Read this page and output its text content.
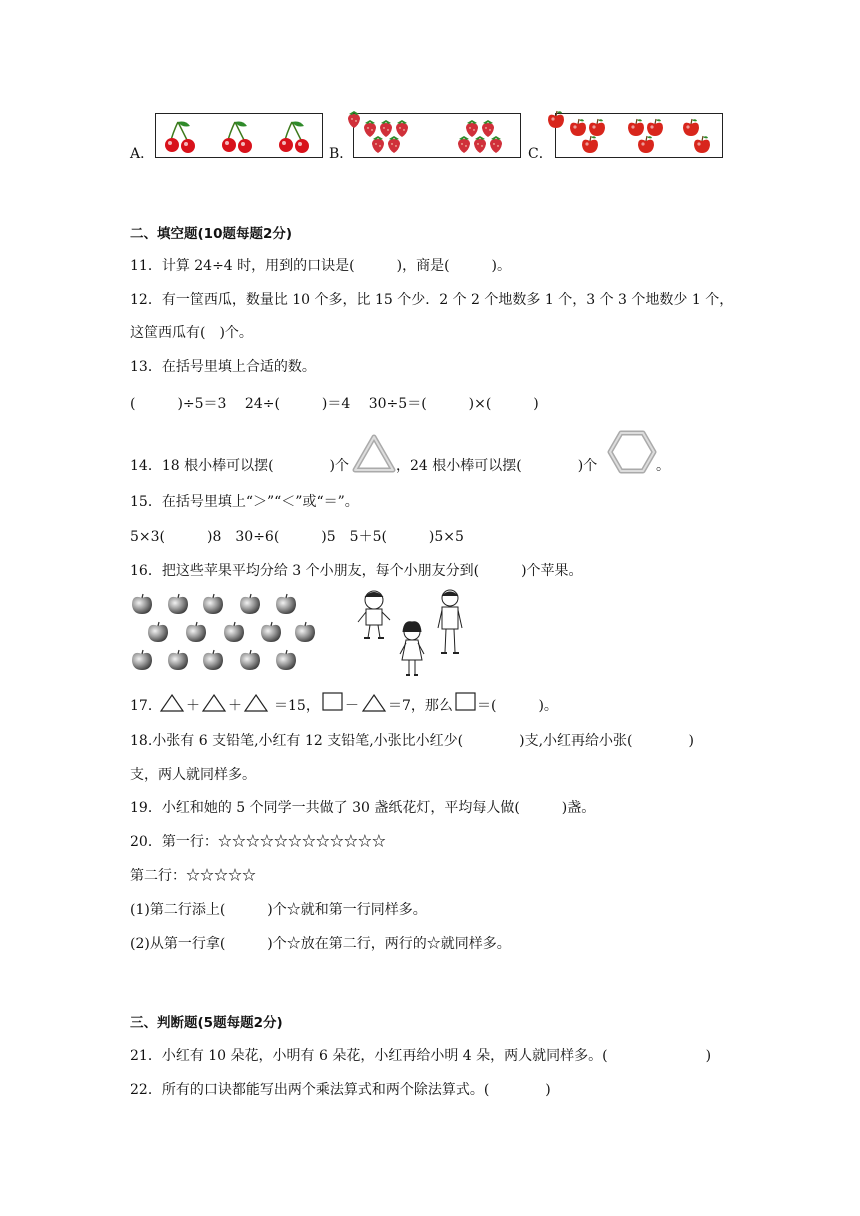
A．	B．	C．
二、填空题(10题每题2分)
11．计算 24÷4 时，用到的口诀是(　　　)，商是(　　　)。
12．有一筐西瓜，数量比 10 个多，比 15 个少．2 个 2 个地数多 1 个，3 个 3 个地数少 1 个，
这筐西瓜有(　)个。
13．在括号里填上合适的数。
(　　　)÷5＝3　 24÷(　　　)＝4　 30÷5＝(　　　)×(　　　)
14．18 根小棒可以摆(　　　　)个	，24 根小棒可以摆(　　　　)个	。
15．在括号里填上“＞”“＜”或“＝”。
5×3(　　　)8　30÷6(　　　)5　5＋5(　　　)5×5
16．把这些苹果平均分给 3 个小朋友，每个小朋友分到(　　　)个苹果。
17． ＋ ＋ ＝15， － ＝7，那么 ＝(　　　)。
18.小张有 6 支铅笔,小红有 12 支铅笔,小张比小红少(　　　　)支,小红再给小张(　　　　)
支，两人就同样多。
19．小红和她的 5 个同学一共做了 30 盏纸花灯，平均每人做(　　　)盏。
20．第一行：☆☆☆☆☆☆☆☆☆☆☆☆
第二行：☆☆☆☆☆
(1)第二行添上(　　　)个☆就和第一行同样多。
(2)从第一行拿(　　　)个☆放在第二行，两行的☆就同样多。
三、判断题(5题每题2分)
21．小红有 10 朵花，小明有 6 朵花，小红再给小明 4 朵，两人就同样多。(　　　　　　　)
22．所有的口诀都能写出两个乘法算式和两个除法算式。(　　　　)
